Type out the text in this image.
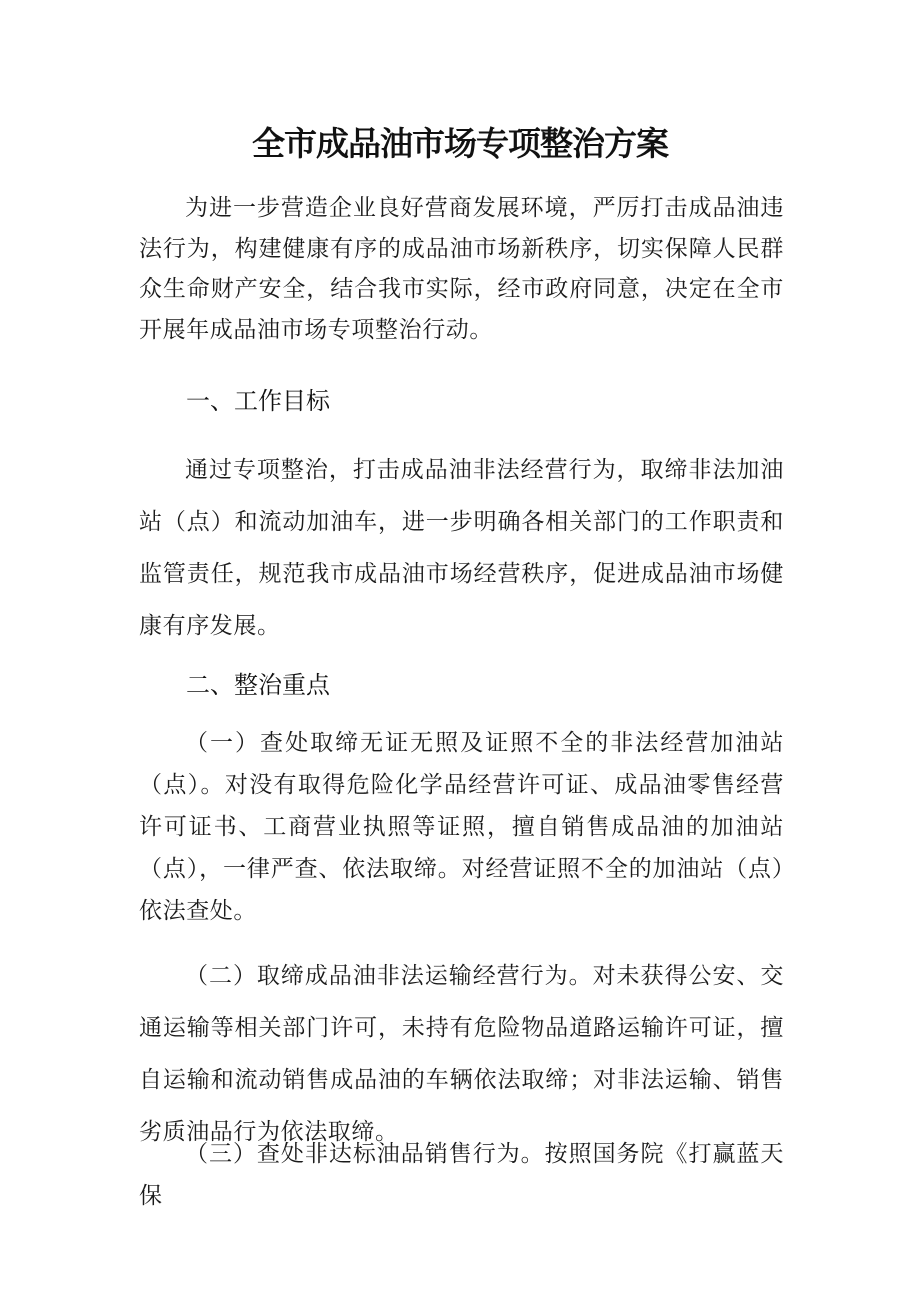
全市成品油市场专项整治方案

为进一步营造企业良好营商发展环境，严厉打击成品油违法行为，构建健康有序的成品油市场新秩序，切实保障人民群众生命财产安全，结合我市实际，经市政府同意，决定在全市开展年成品油市场专项整治行动。

一、工作目标

通过专项整治，打击成品油非法经营行为，取缔非法加油站（点）和流动加油车，进一步明确各相关部门的工作职责和监管责任，规范我市成品油市场经营秩序，促进成品油市场健康有序发展。

二、整治重点

（一）查处取缔无证无照及证照不全的非法经营加油站（点）。对没有取得危险化学品经营许可证、成品油零售经营许可证书、工商营业执照等证照，擅自销售成品油的加油站（点），一律严查、依法取缔。对经营证照不全的加油站（点）依法查处。

（二）取缔成品油非法运输经营行为。对未获得公安、交通运输等相关部门许可，未持有危险物品道路运输许可证，擅自运输和流动销售成品油的车辆依法取缔；对非法运输、销售劣质油品行为依法取缔。

（三）查处非达标油品销售行为。按照国务院《打赢蓝天保
